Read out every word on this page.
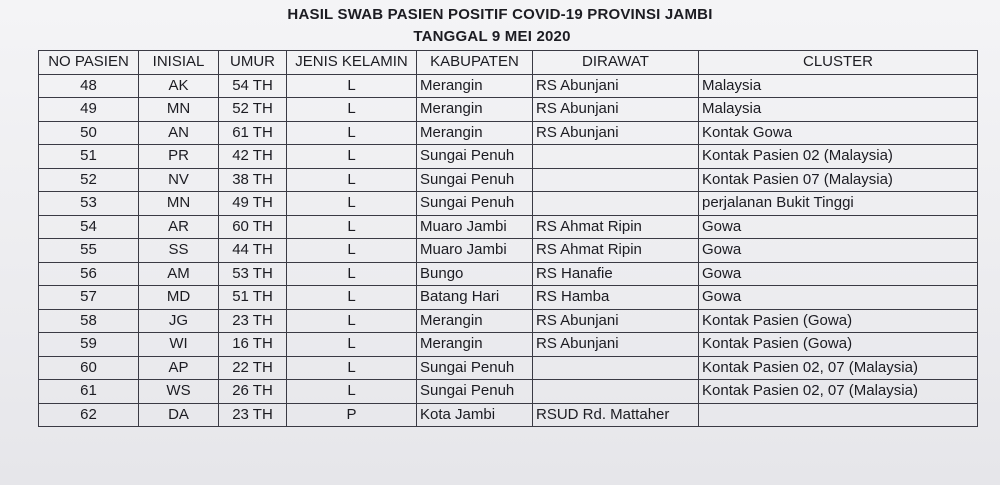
HASIL SWAB PASIEN POSITIF COVID-19 PROVINSI JAMBI
TANGGAL 9 MEI 2020
NO PASIEN	INISIAL	UMUR	JENIS KELAMIN	KABUPATEN	DIRAWAT	CLUSTER
48	AK	54 TH	L	Merangin	RS Abunjani	Malaysia
49	MN	52 TH	L	Merangin	RS Abunjani	Malaysia
50	AN	61 TH	L	Merangin	RS Abunjani	Kontak Gowa
51	PR	42 TH	L	Sungai Penuh		Kontak Pasien 02 (Malaysia)
52	NV	38 TH	L	Sungai Penuh		Kontak Pasien 07 (Malaysia)
53	MN	49 TH	L	Sungai Penuh		perjalanan Bukit Tinggi
54	AR	60 TH	L	Muaro Jambi	RS Ahmat Ripin	Gowa
55	SS	44 TH	L	Muaro Jambi	RS Ahmat Ripin	Gowa
56	AM	53 TH	L	Bungo	RS Hanafie	Gowa
57	MD	51 TH	L	Batang Hari	RS Hamba	Gowa
58	JG	23 TH	L	Merangin	RS Abunjani	Kontak Pasien (Gowa)
59	WI	16 TH	L	Merangin	RS Abunjani	Kontak Pasien (Gowa)
60	AP	22 TH	L	Sungai Penuh		Kontak Pasien 02, 07 (Malaysia)
61	WS	26 TH	L	Sungai Penuh		Kontak Pasien 02, 07 (Malaysia)
62	DA	23 TH	P	Kota Jambi	RSUD Rd. Mattaher	
